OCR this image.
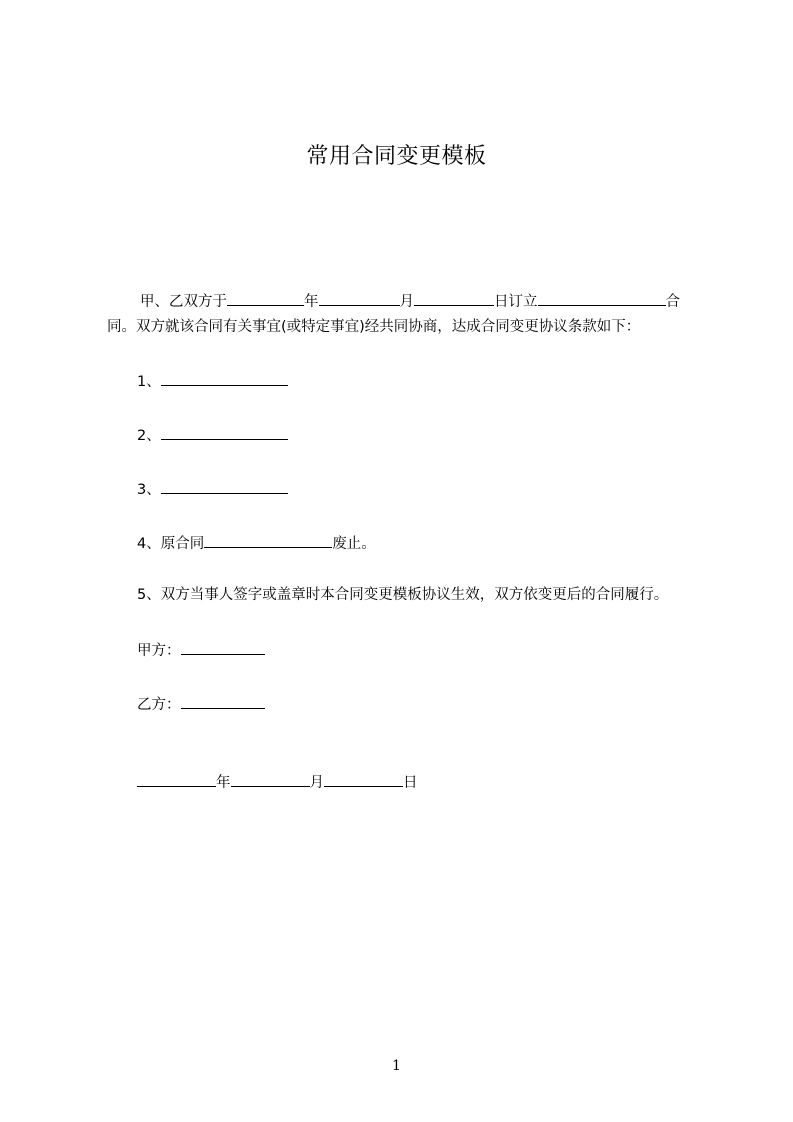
常用合同变更模板
甲、乙双方于	年	月	日订立	合
同。双方就该合同有关事宜(或特定事宜)经共同协商，达成合同变更协议条款如下：
1、
2、
3、
4、原合同	废止。
5、双方当事人签字或盖章时本合同变更模板协议生效，双方依变更后的合同履行。
甲方：
乙方：
年	月	日
1
